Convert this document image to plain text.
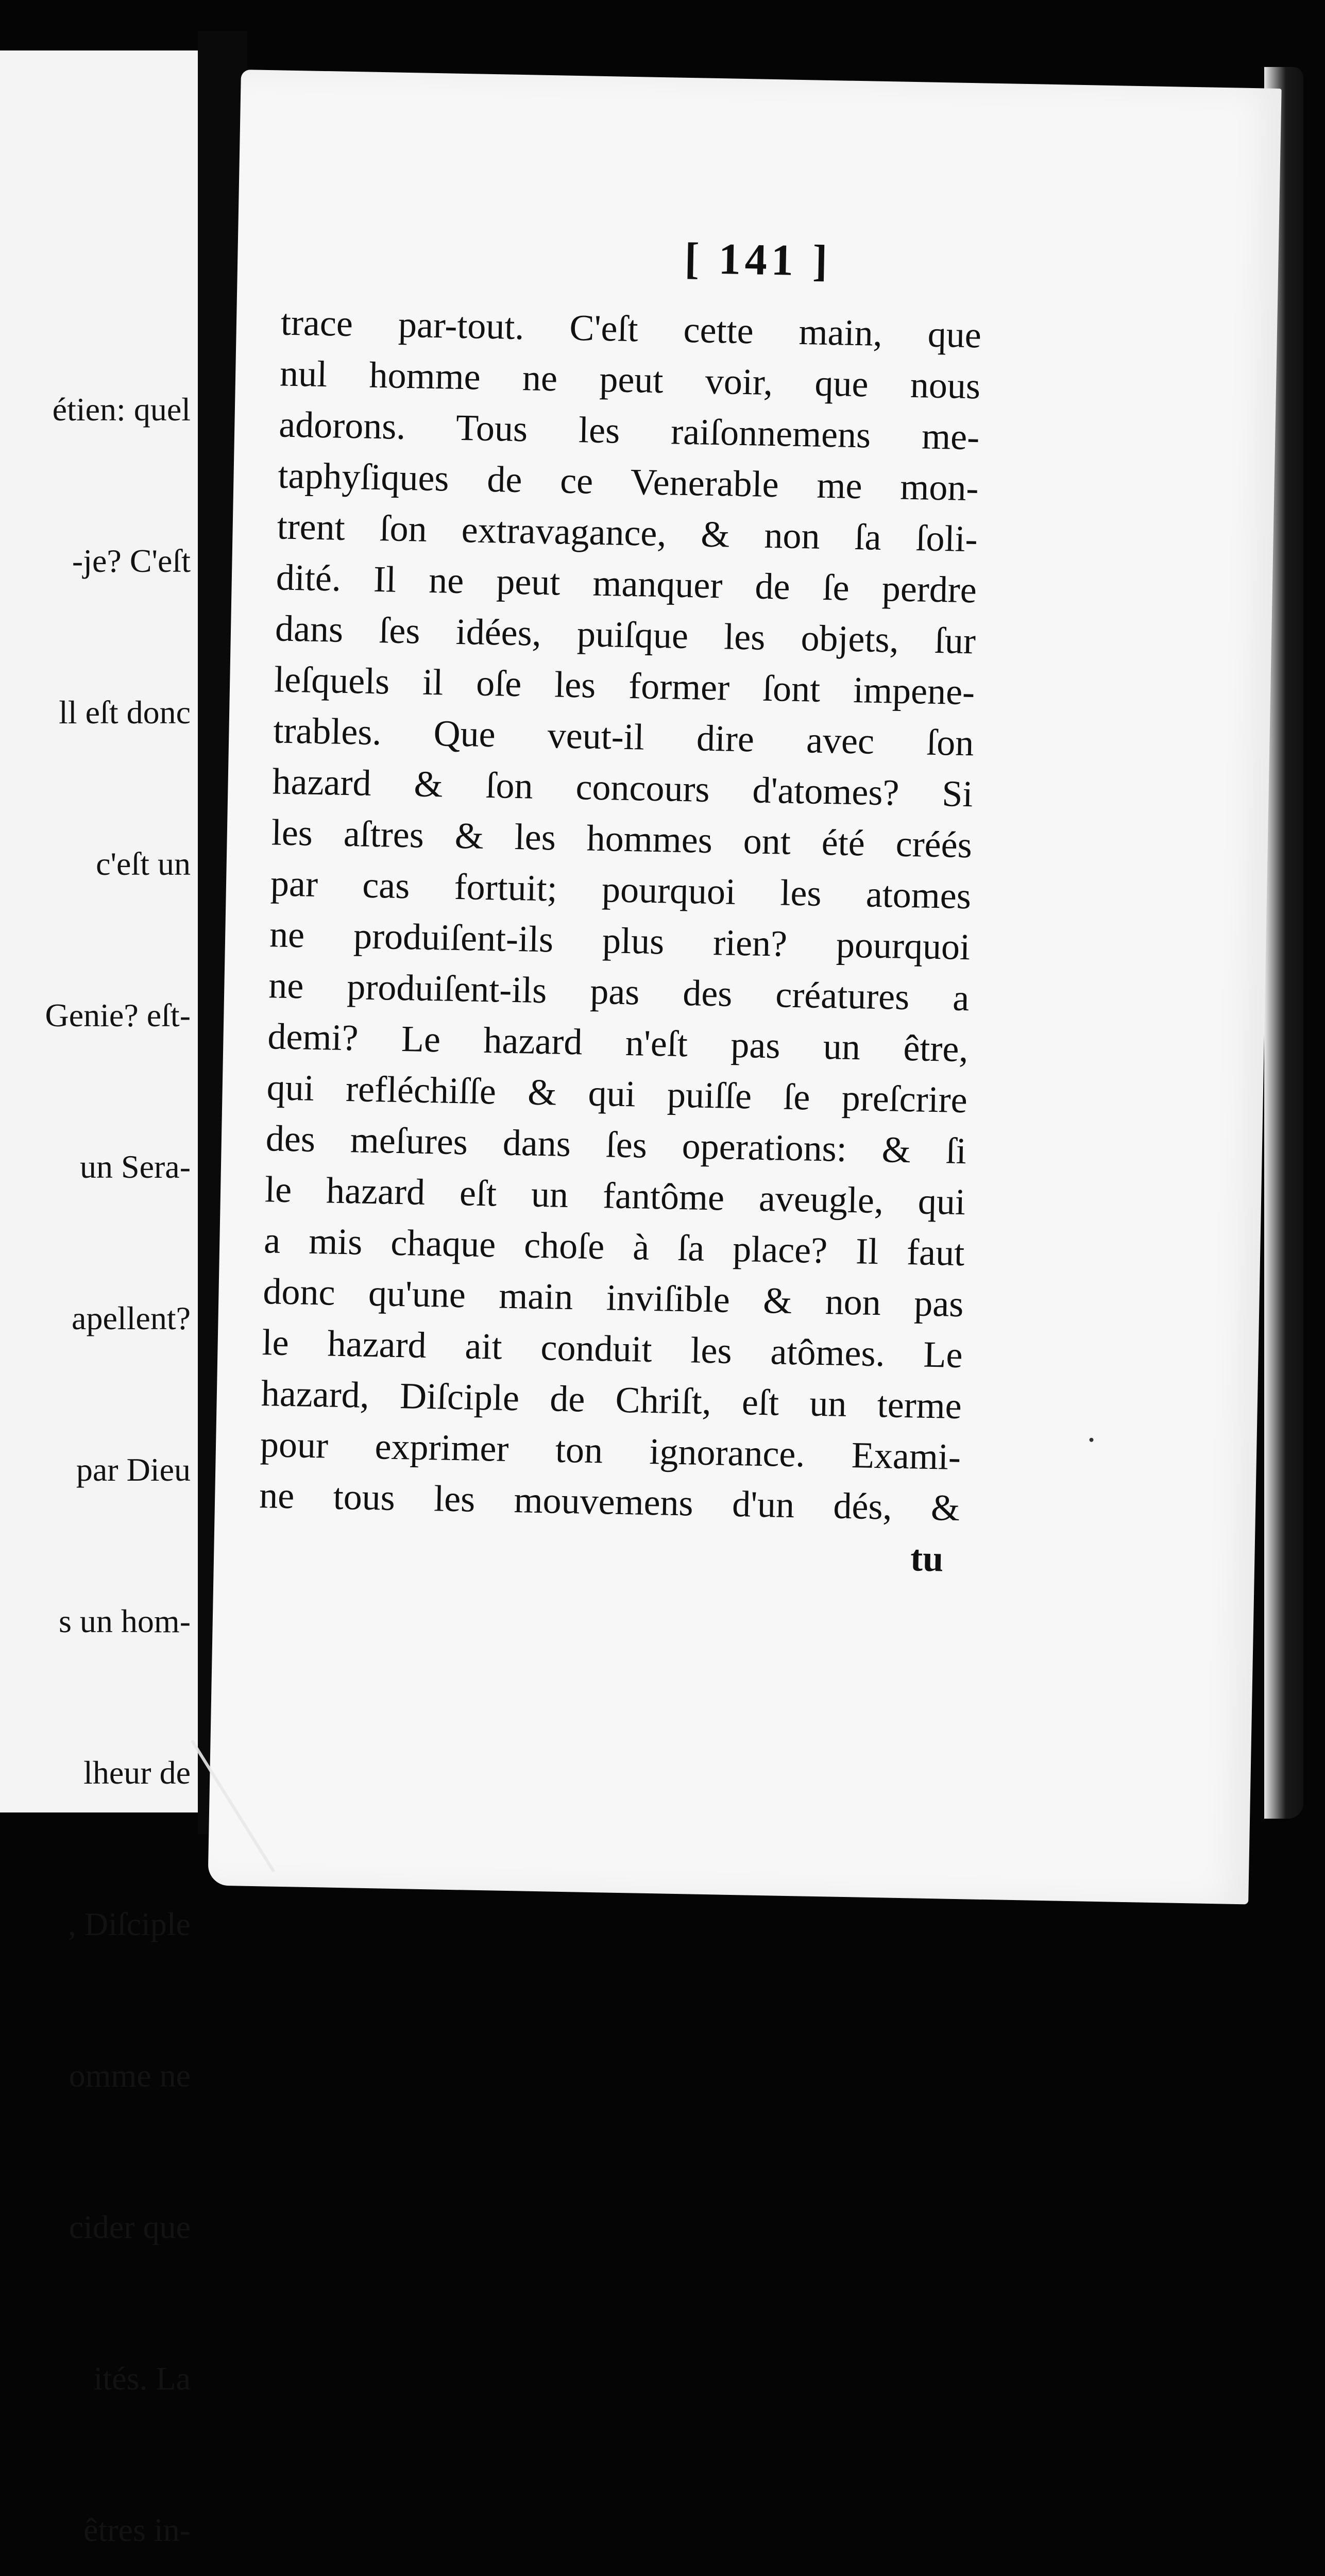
étien: quel

-je? C'eſt

ll eſt donc

c'eſt un

Genie? eſt-

un Sera-

apellent?

par Dieu

s un hom-

lheur de

, Diſciple

omme ne

cider que

ités. La

êtres in-

[ 141 ]
trace par-tout. C'eſt cette main, que
nul homme ne peut voir, que nous
adorons. Tous les raiſonnemens me-
taphyſiques de ce Venerable me mon-
trent ſon extravagance, & non ſa ſoli-
dité. Il ne peut manquer de ſe perdre
dans ſes idées, puiſque les objets, ſur
leſquels il oſe les former ſont impene-
trables. Que veut-il dire avec ſon
hazard & ſon concours d'atomes? Si
les aſtres & les hommes ont été créés
par cas fortuit; pourquoi les atomes
ne produiſent-ils plus rien? pourquoi
ne produiſent-ils pas des créatures a
demi? Le hazard n'eſt pas un être,
qui refléchiſſe & qui puiſſe ſe preſcrire
des meſures dans ſes operations: & ſi
le hazard eſt un fantôme aveugle, qui
a mis chaque choſe à ſa place? Il faut
donc qu'une main inviſible & non pas
le hazard ait conduit les atômes. Le
hazard, Diſciple de Chriſt, eſt un terme
pour exprimer ton ignorance. Exami-
ne tous les mouvemens d'un dés, &
tu
